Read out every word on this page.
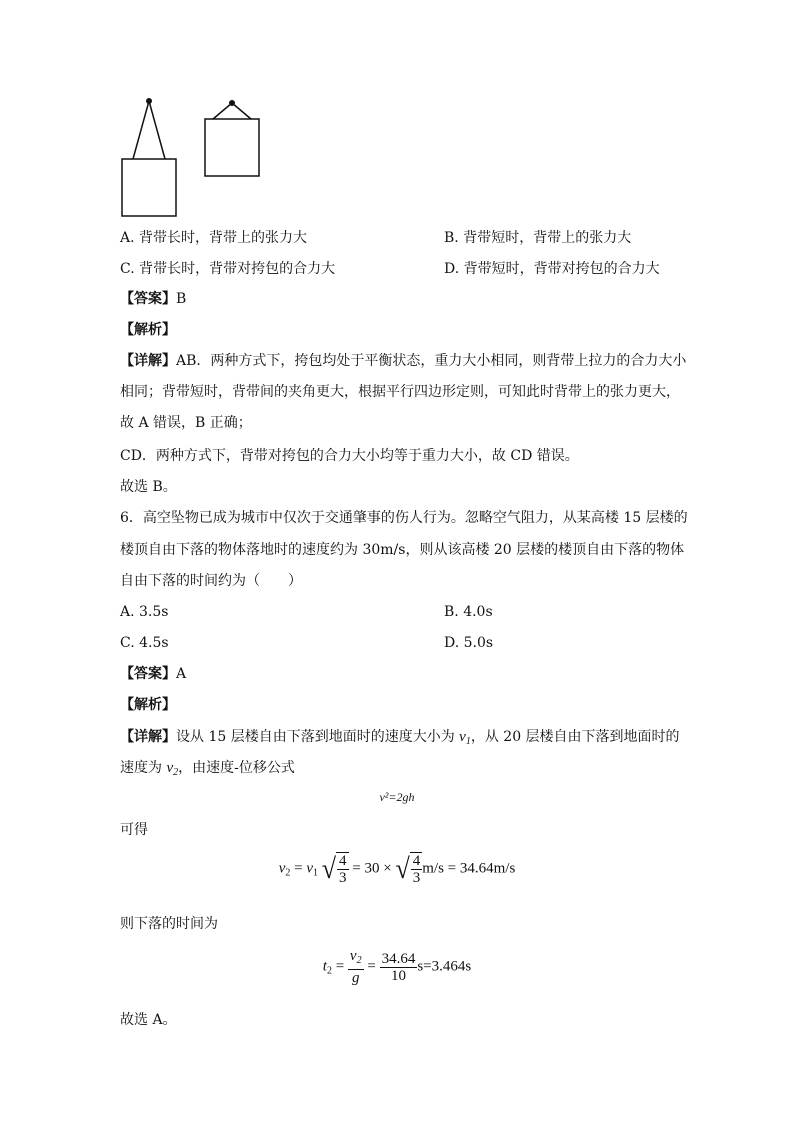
A. 背带长时，背带上的张力大	B. 背带短时，背带上的张力大
C. 背带长时，背带对挎包的合力大	D. 背带短时，背带对挎包的合力大
【答案】B
【解析】
【详解】AB．两种方式下，挎包均处于平衡状态，重力大小相同，则背带上拉力的合力大小
相同；背带短时，背带间的夹角更大，根据平行四边形定则，可知此时背带上的张力更大，
故 A 错误，B 正确；
CD．两种方式下，背带对挎包的合力大小均等于重力大小，故 CD 错误。
故选 B。
6．高空坠物已成为城市中仅次于交通肇事的伤人行为。忽略空气阻力，从某高楼 15 层楼的
楼顶自由下落的物体落地时的速度约为 30m/s，则从该高楼 20 层楼的楼顶自由下落的物体
自由下落的时间约为（　　）
A. 3.5s	B. 4.0s
C. 4.5s	D. 5.0s
【答案】A
【解析】
【详解】设从 15 层楼自由下落到地面时的速度大小为 $v_1$，从 20 层楼自由下落到地面时的
速度为 $v_2$，由速度-位移公式
v²=2gh
可得
$v_2 = v_1$ √ $\frac{4}{3} = 30$ × √ $\frac{4}{3} m/s = 34.64m/s$
则下落的时间为
$t_2 = \frac{v_2}{g} = \frac{34.64}{10} s=3.464s$
故选 A。
